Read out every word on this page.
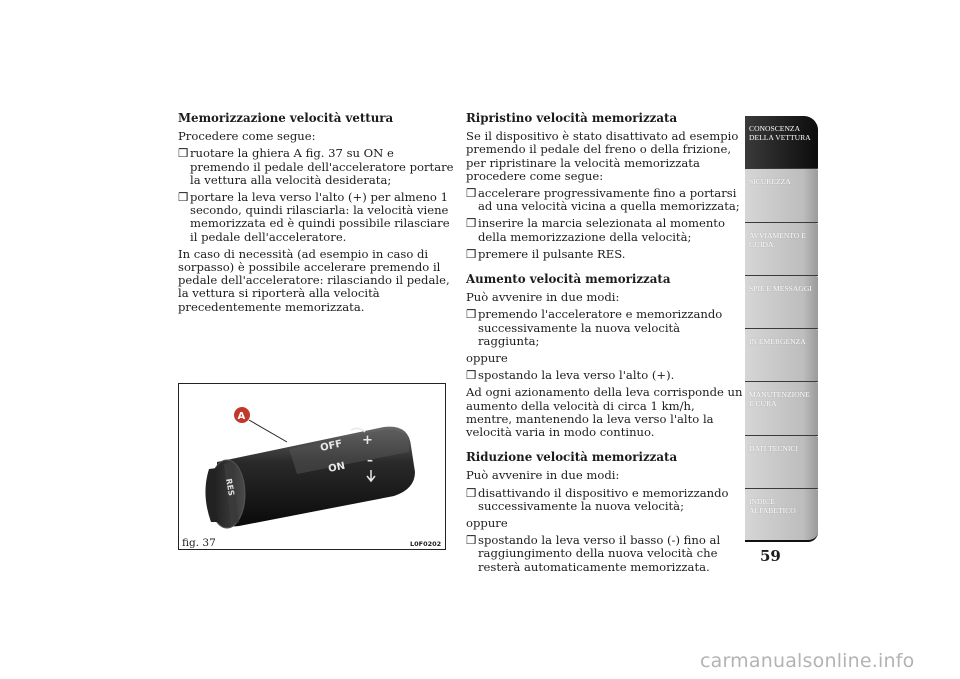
Memorizzazione velocità vettura
Procedere come segue:
❒ ruotare la ghiera A fig. 37 su ON e premendo il pedale dell'acceleratore portare la vettura alla velocità desiderata;
❒ portare la leva verso l'alto (+) per almeno 1 secondo, quindi rilasciarla: la velocità viene memorizzata ed è quindi possibile rilasciare il pedale dell'acceleratore.
In caso di necessità (ad esempio in caso di sorpasso) è possibile accelerare premendo il pedale dell'acceleratore: rilasciando il pedale, la vettura si riporterà alla velocità precedentemente memorizzata.
OFF
ON
+
–
RES
A
fig. 37	L0F0202
Ripristino velocità memorizzata
Se il dispositivo è stato disattivato ad esempio premendo il pedale del freno o della frizione, per ripristinare la velocità memorizzata procedere come segue:
❒ accelerare progressivamente fino a portarsi ad una velocità vicina a quella memorizzata;
❒ inserire la marcia selezionata al momento della memorizzazione della velocità;
❒ premere il pulsante RES.
Aumento velocità memorizzata
Può avvenire in due modi:
❒ premendo l'acceleratore e memorizzando successivamente la nuova velocità raggiunta;
oppure
❒ spostando la leva verso l'alto (+).
Ad ogni azionamento della leva corrisponde un aumento della velocità di circa 1 km/h, mentre, mantenendo la leva verso l'alto la velocità varia in modo continuo.
Riduzione velocità memorizzata
Può avvenire in due modi:
❒ disattivando il dispositivo e memorizzando successivamente la nuova velocità;
oppure
❒ spostando la leva verso il basso (-) fino al raggiungimento della nuova velocità che resterà automaticamente memorizzata.
CONOSCENZA DELLA VETTURA
SICUREZZA
AVVIAMENTO E GUIDA
SPIE E MESSAGGI
IN EMERGENZA
MANUTENZIONE E CURA
DATI TECNICI
INDICE ALFABETICO
59
carmanualsonline.info
